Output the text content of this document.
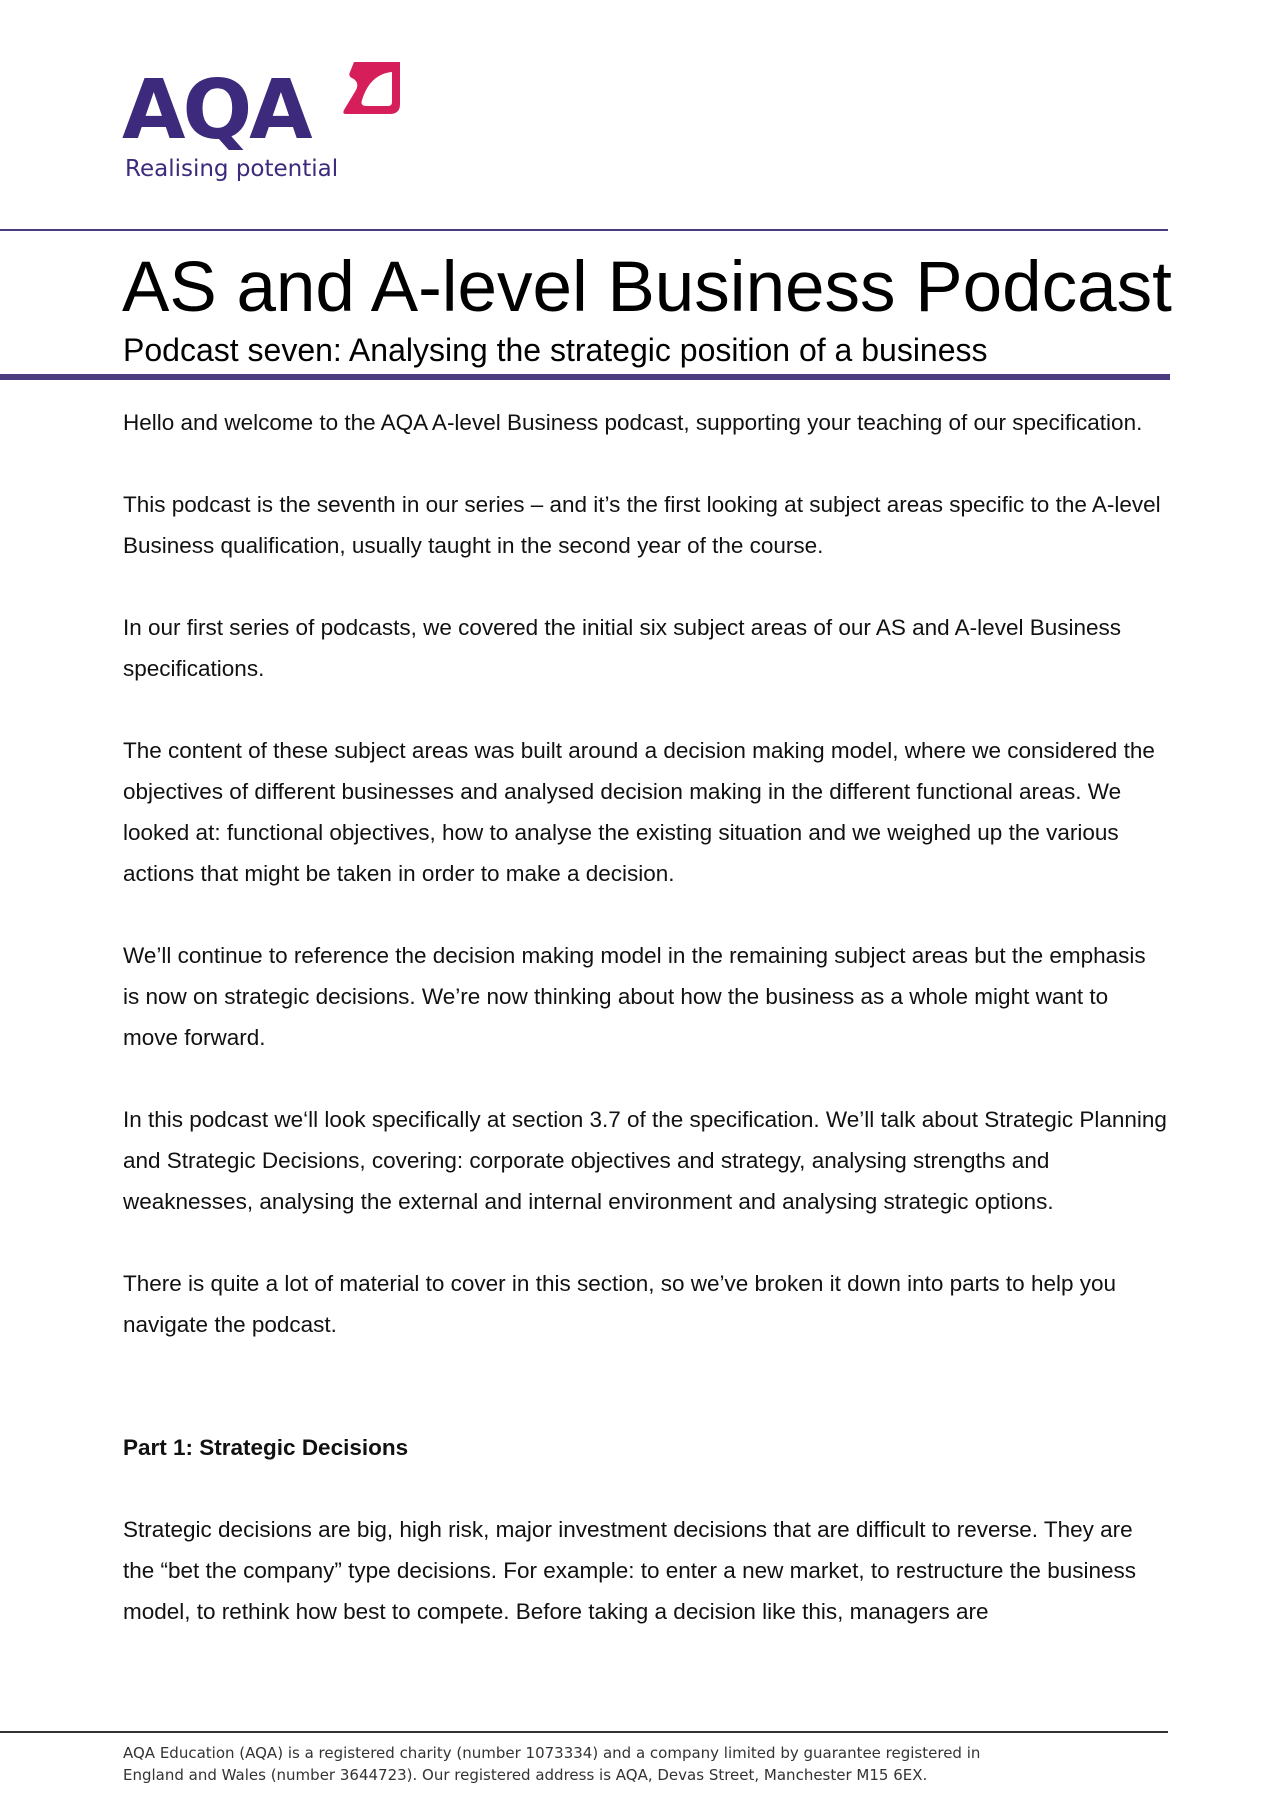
AQA
Realising potential
AS and A-level Business Podcast
Podcast seven: Analysing the strategic position of a business

Hello and welcome to the AQA A-level Business podcast, supporting your teaching of our specification.

This podcast is the seventh in our series – and it’s the first looking at subject areas specific to the A-level Business qualification, usually taught in the second year of the course.

In our first series of podcasts, we covered the initial six subject areas of our AS and A-level Business specifications.

The content of these subject areas was built around a decision making model, where we considered the objectives of different businesses and analysed decision making in the different functional areas. We looked at: functional objectives, how to analyse the existing situation and we weighed up the various actions that might be taken in order to make a decision.

We’ll continue to reference the decision making model in the remaining subject areas but the emphasis is now on strategic decisions. We’re now thinking about how the business as a whole might want to move forward.

In this podcast we‘ll look specifically at section 3.7 of the specification. We’ll talk about Strategic Planning and Strategic Decisions, covering: corporate objectives and strategy, analysing strengths and weaknesses, analysing the external and internal environment and analysing strategic options.

There is quite a lot of material to cover in this section, so we’ve broken it down into parts to help you navigate the podcast.

Part 1: Strategic Decisions

Strategic decisions are big, high risk, major investment decisions that are difficult to reverse. They are the “bet the company” type decisions. For example: to enter a new market, to restructure the business model, to rethink how best to compete. Before taking a decision like this, managers are

AQA Education (AQA) is a registered charity (number 1073334) and a company limited by guarantee registered in

England and Wales (number 3644723). Our registered address is AQA, Devas Street, Manchester M15 6EX.
